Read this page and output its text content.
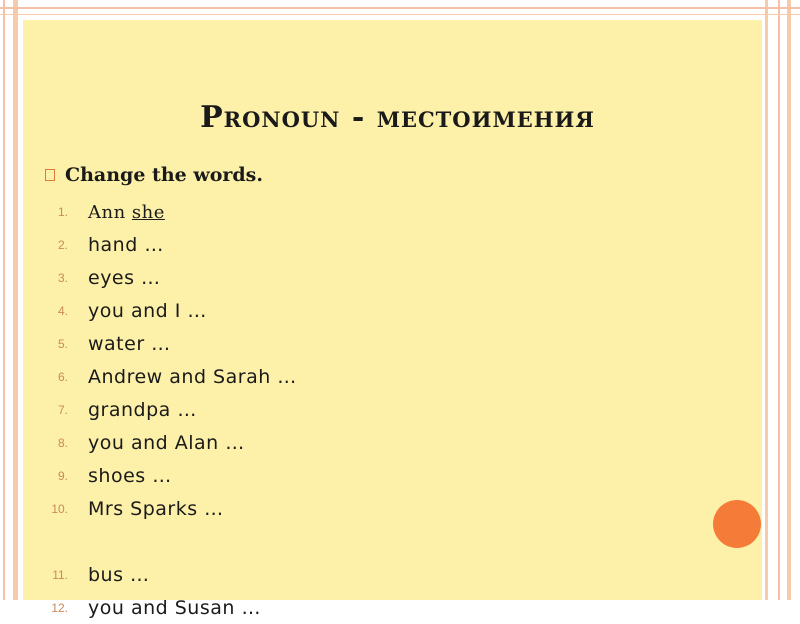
Pronoun - местоимения
Change the words.
1. Ann she
2. hand …
3. eyes …
4. you and I …
5. water …
6. Andrew and Sarah …
7. grandpa …
8. you and Alan …
9. shoes …
10. Mrs Sparks …
11. bus …
12. you and Susan …
